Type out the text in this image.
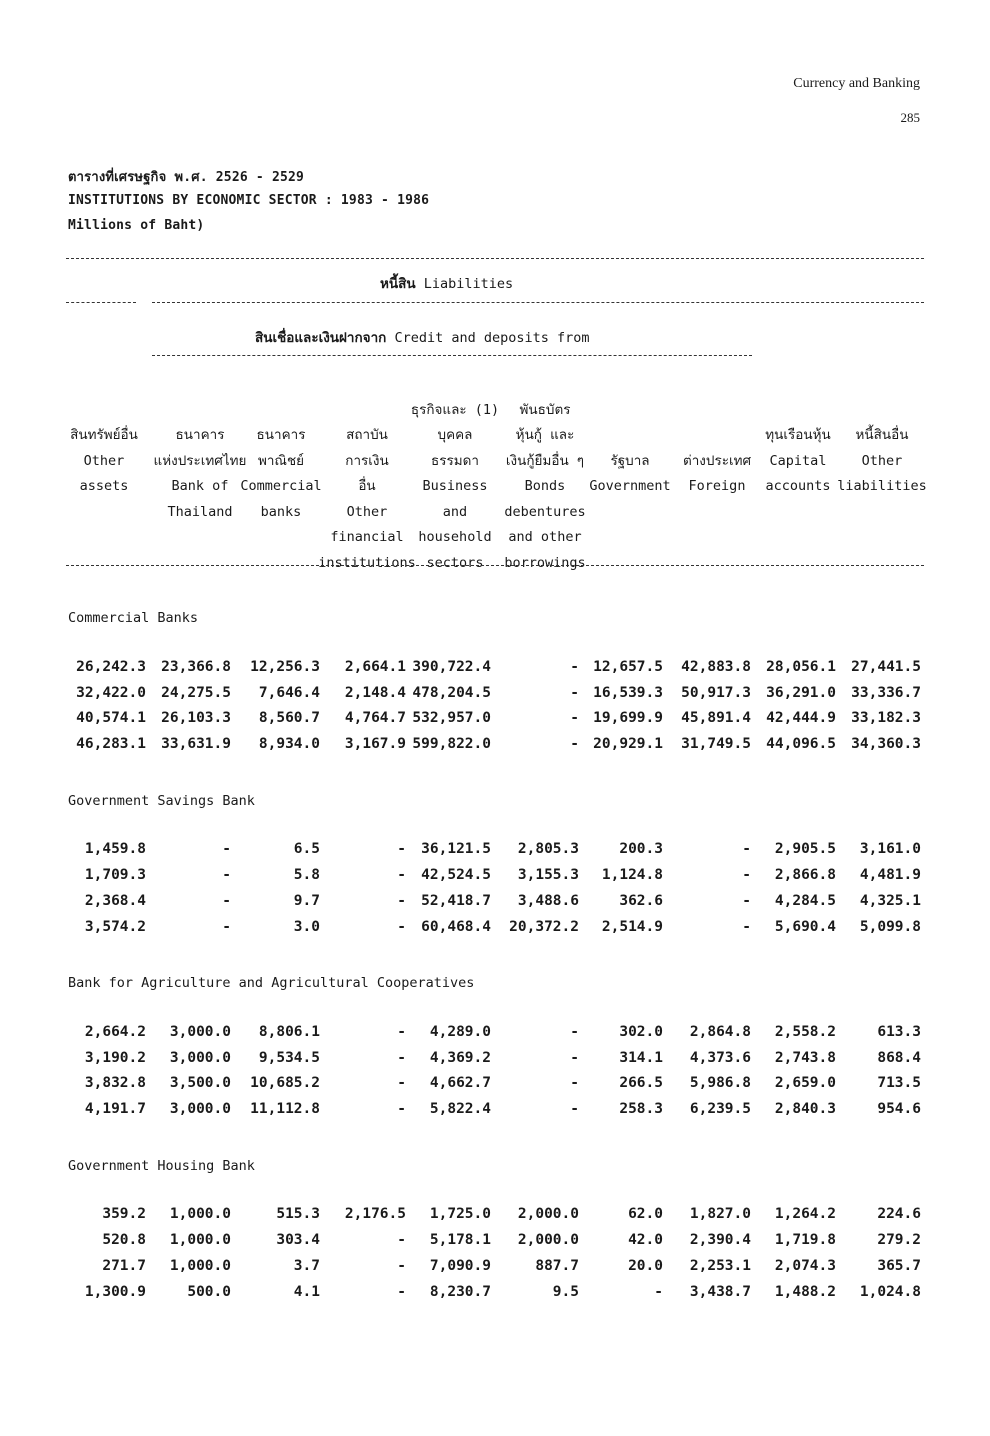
Currency and Banking
285
ตารางที่เศรษฐกิจ พ.ศ. 2526 - 2529
INSTITUTIONS BY ECONOMIC SECTOR : 1983 - 1986
Millions of Baht)
หนี้สิน Liabilities
สินเชื่อและเงินฝากจาก Credit and deposits from
สินทรัพย์อื่น
Other
assets
ธนาคาร
แห่งประเทศไทย
Bank of
Thailand
ธนาคาร
พาณิชย์
Commercial
banks
สถาบัน
การเงิน
อื่น
Other
financial
institutions
ธุรกิจและ (1)
บุคคล
ธรรมดา
Business
and
household
sectors
พันธบัตร
หุ้นกู้ และ
เงินกู้ยืมอื่น ๆ
Bonds
debentures
and other
borrowings
รัฐบาล
Government
ต่างประเทศ
Foreign
ทุนเรือนหุ้น
Capital
accounts
หนี้สินอื่น
Other
liabilities
Commercial Banks
26,242.3 23,366.8 12,256.3 2,664.1 390,722.4	- 12,657.5 42,883.8 28,056.1 27,441.5
32,422.0 24,275.5 7,646.4 2,148.4 478,204.5	- 16,539.3 50,917.3 36,291.0 33,336.7
40,574.1 26,103.3 8,560.7 4,764.7 532,957.0	- 19,699.9 45,891.4 42,444.9 33,182.3
46,283.1 33,631.9 8,934.0 3,167.9 599,822.0	- 20,929.1 31,749.5 44,096.5 34,360.3
Government Savings Bank
1,459.8	-	6.5	- 36,121.5 2,805.3	200.3	- 2,905.5 3,161.0
1,709.3	-	5.8	- 42,524.5 3,155.3 1,124.8	- 2,866.8 4,481.9
2,368.4	-	9.7	- 52,418.7 3,488.6	362.6	- 4,284.5 4,325.1
3,574.2	-	3.0	- 60,468.4 20,372.2 2,514.9	- 5,690.4 5,099.8
Bank for Agriculture and Agricultural Cooperatives
2,664.2 3,000.0 8,806.1	- 4,289.0	-	302.0 2,864.8 2,558.2	613.3
3,190.2 3,000.0 9,534.5	- 4,369.2	-	314.1 4,373.6 2,743.8	868.4
3,832.8 3,500.0 10,685.2	- 4,662.7	-	266.5 5,986.8 2,659.0	713.5
4,191.7 3,000.0 11,112.8	- 5,822.4	-	258.3 6,239.5 2,840.3	954.6
Government Housing Bank
359.2 1,000.0	515.3 2,176.5 1,725.0 2,000.0	62.0 1,827.0 1,264.2	224.6
520.8 1,000.0	303.4	- 5,178.1 2,000.0	42.0 2,390.4 1,719.8	279.2
271.7 1,000.0	3.7	- 7,090.9	887.7	20.0 2,253.1 2,074.3	365.7
1,300.9	500.0	4.1	- 8,230.7	9.5	- 3,438.7 1,488.2 1,024.8
